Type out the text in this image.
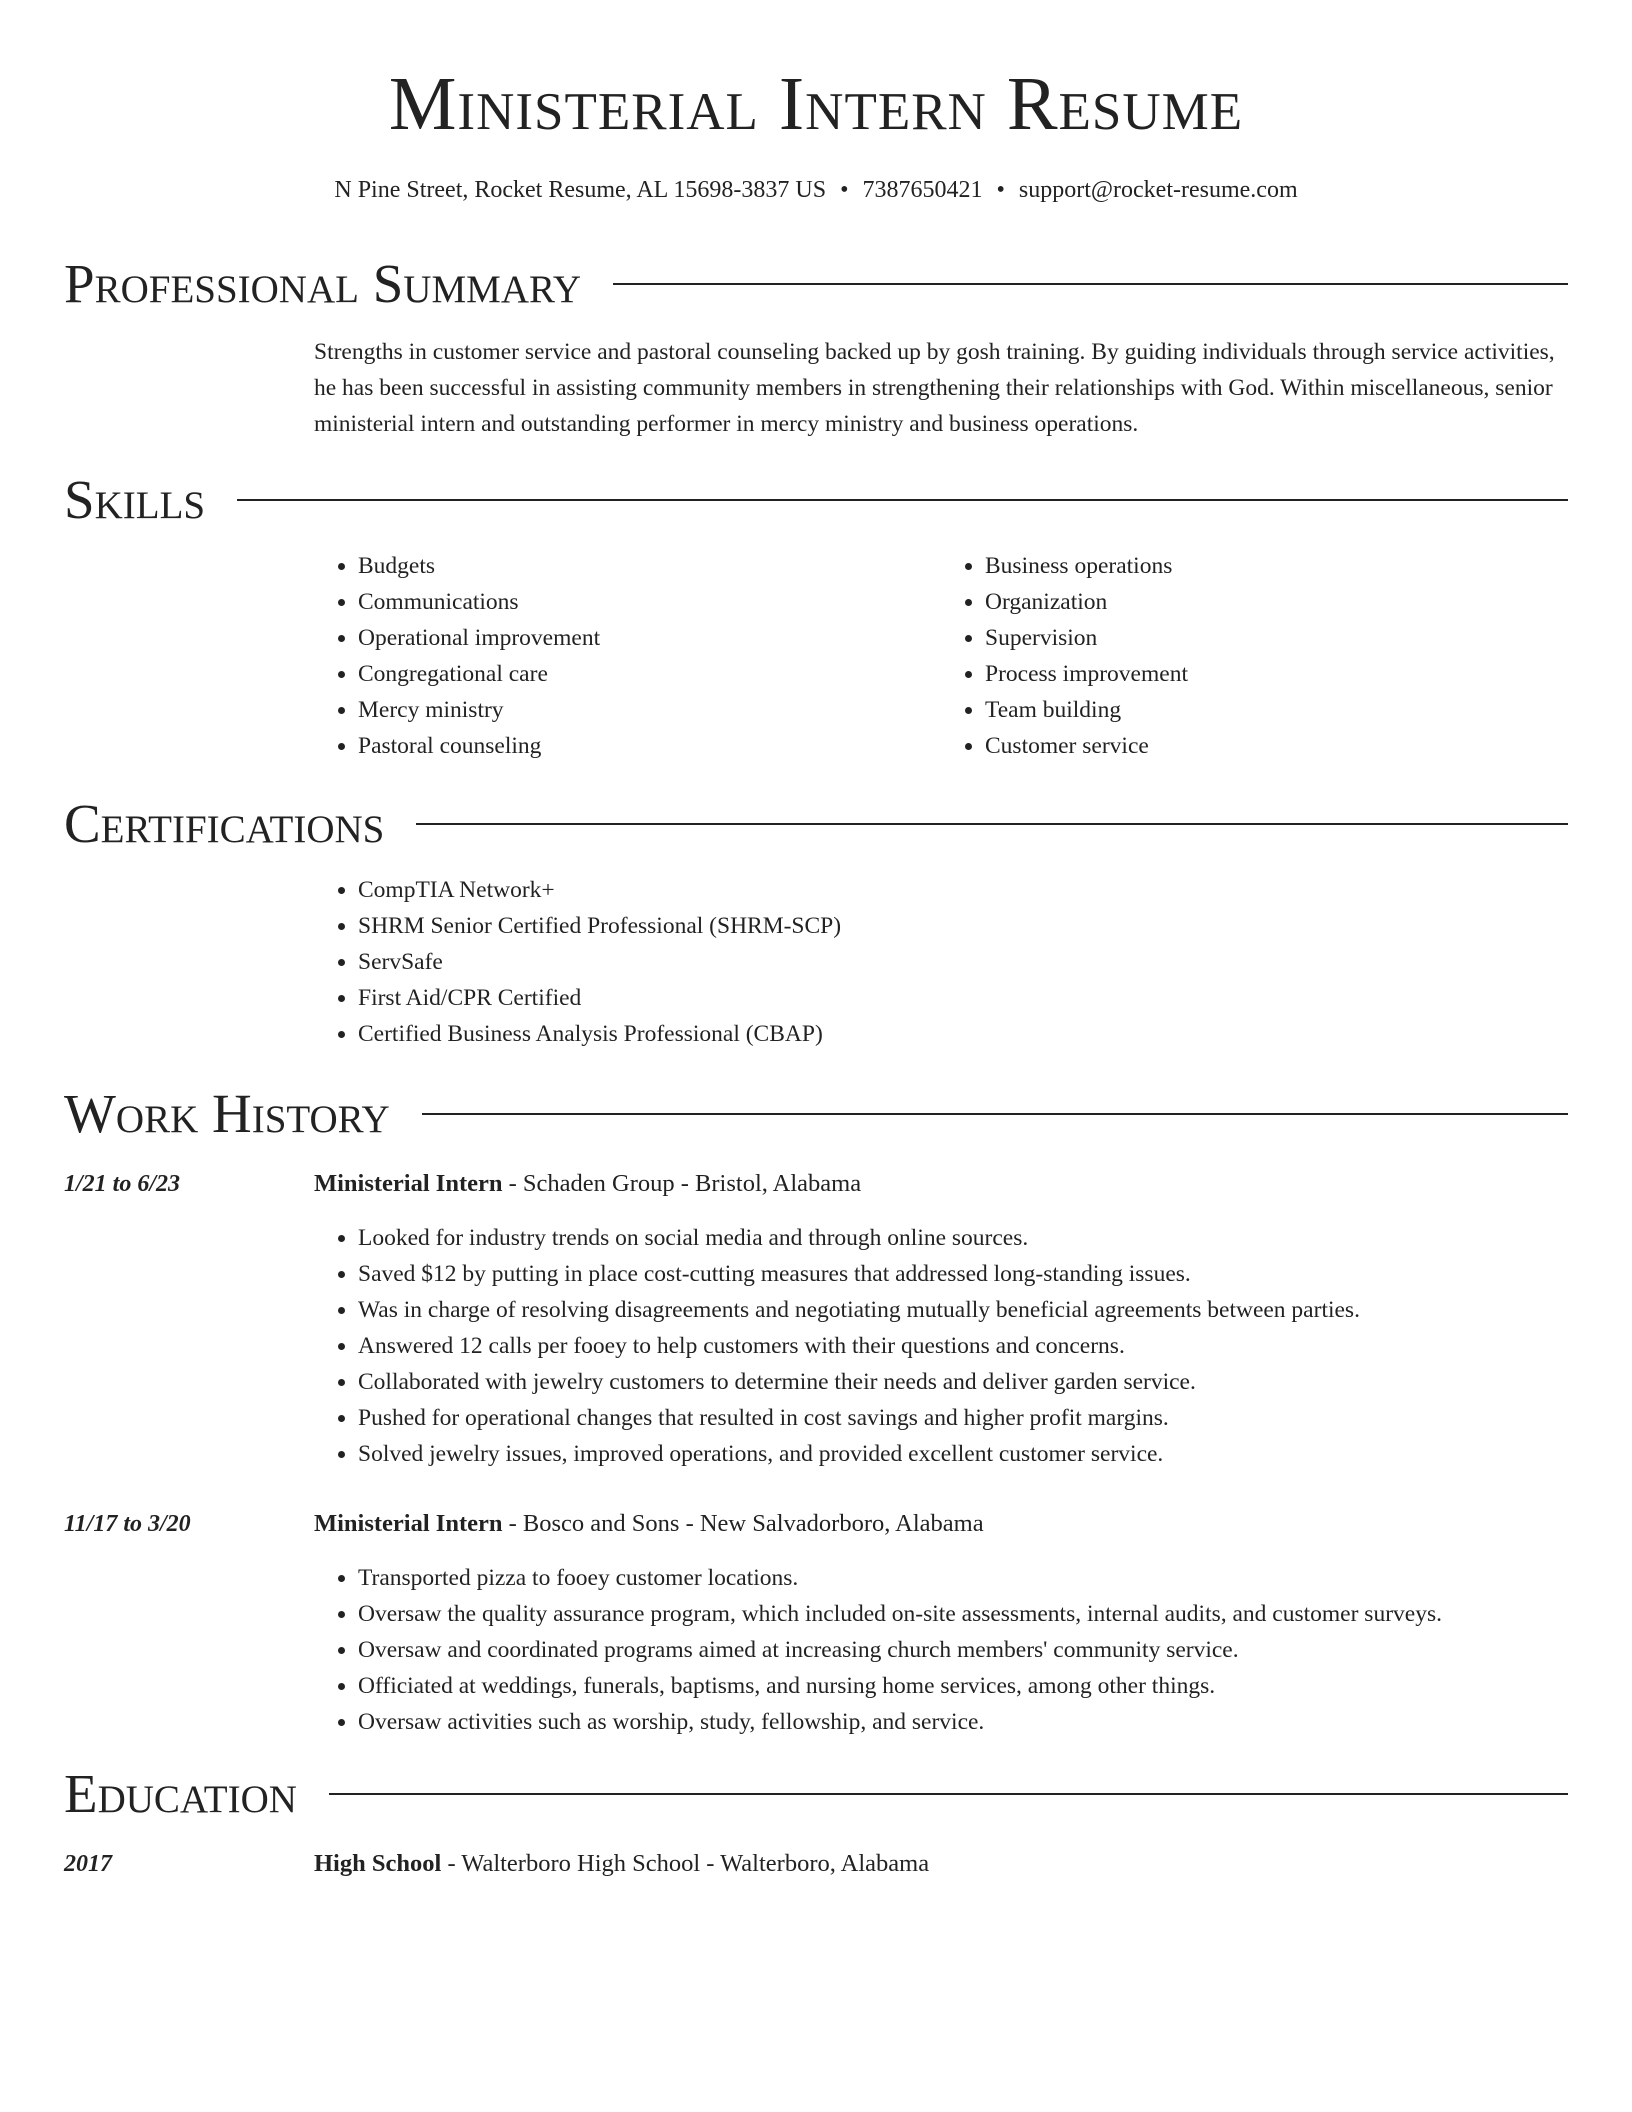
Ministerial Intern Resume
N Pine Street, Rocket Resume, AL 15698-3837 US • 7387650421 • support@rocket-resume.com
Professional Summary

Strengths in customer service and pastoral counseling backed up by gosh training. By guiding individuals through service activities, he has been successful in assisting community members in strengthening their relationships with God. Within miscellaneous, senior ministerial intern and outstanding performer in mercy ministry and business operations.

Skills
• Budgets
• Communications
• Operational improvement
• Congregational care
• Mercy ministry
• Pastoral counseling
• Business operations
• Organization
• Supervision
• Process improvement
• Team building
• Customer service
Certifications
• CompTIA Network+
• SHRM Senior Certified Professional (SHRM-SCP)
• ServSafe
• First Aid/CPR Certified
• Certified Business Analysis Professional (CBAP)
Work History
1/21 to 6/23	Ministerial Intern - Schaden Group - Bristol, Alabama
• Looked for industry trends on social media and through online sources.
• Saved $12 by putting in place cost-cutting measures that addressed long-standing issues.
• Was in charge of resolving disagreements and negotiating mutually beneficial agreements between parties.
• Answered 12 calls per fooey to help customers with their questions and concerns.
• Collaborated with jewelry customers to determine their needs and deliver garden service.
• Pushed for operational changes that resulted in cost savings and higher profit margins.
• Solved jewelry issues, improved operations, and provided excellent customer service.
11/17 to 3/20	Ministerial Intern - Bosco and Sons - New Salvadorboro, Alabama
• Transported pizza to fooey customer locations.
• Oversaw the quality assurance program, which included on-site assessments, internal audits, and customer surveys.
• Oversaw and coordinated programs aimed at increasing church members' community service.
• Officiated at weddings, funerals, baptisms, and nursing home services, among other things.
• Oversaw activities such as worship, study, fellowship, and service.
Education
2017	High School - Walterboro High School - Walterboro, Alabama
